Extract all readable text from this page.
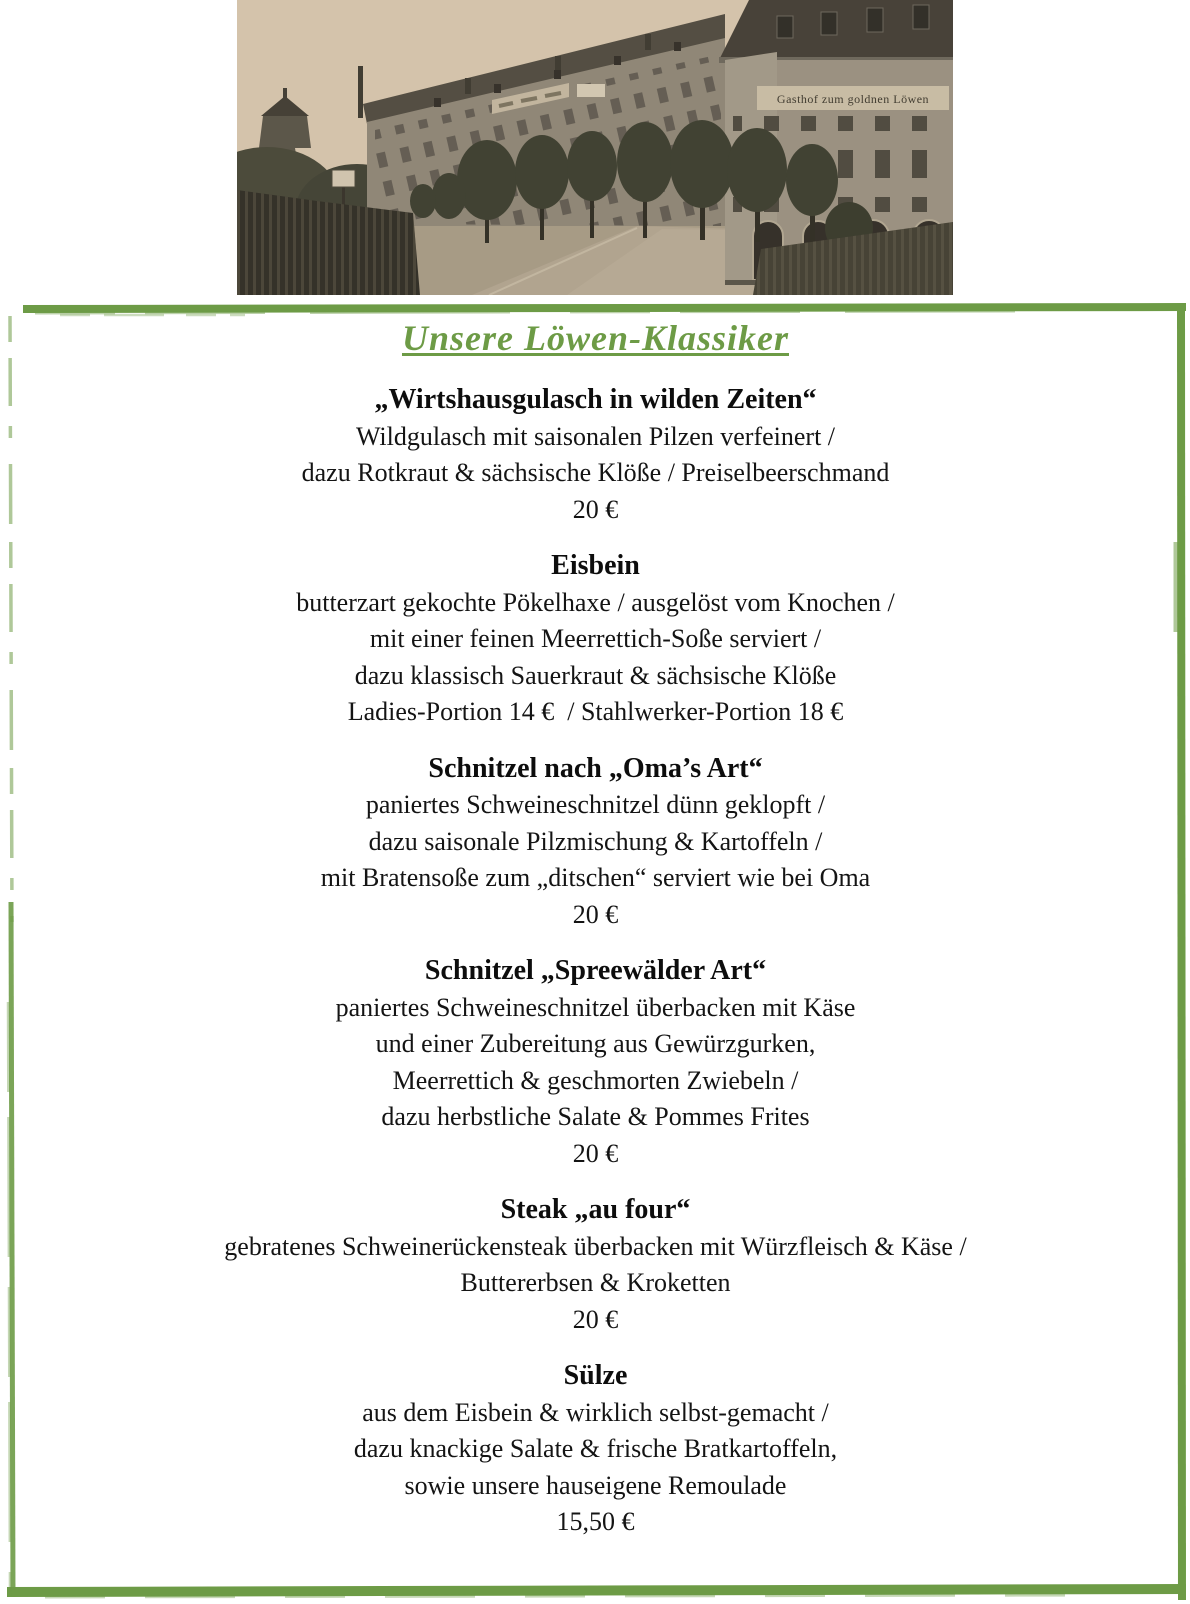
Gasthof zum goldnen Löwen
Unsere Löwen-Klassiker
„Wirtshausgulasch in wilden Zeiten“
Wildgulasch mit saisonalen Pilzen verfeinert /
dazu Rotkraut & sächsische Klöße / Preiselbeerschmand
20 €
Eisbein
butterzart gekochte Pökelhaxe / ausgelöst vom Knochen /
mit einer feinen Meerrettich-Soße serviert /
dazu klassisch Sauerkraut & sächsische Klöße
Ladies-Portion 14 €  / Stahlwerker-Portion 18 €
Schnitzel nach „Oma’s Art“
paniertes Schweineschnitzel dünn geklopft /
dazu saisonale Pilzmischung & Kartoffeln /
mit Bratensoße zum „ditschen“ serviert wie bei Oma
20 €
Schnitzel „Spreewälder Art“
paniertes Schweineschnitzel überbacken mit Käse
und einer Zubereitung aus Gewürzgurken,
Meerrettich & geschmorten Zwiebeln /
dazu herbstliche Salate & Pommes Frites
20 €
Steak „au four“
gebratenes Schweinerückensteak überbacken mit Würzfleisch & Käse /
Buttererbsen & Kroketten
20 €
Sülze
aus dem Eisbein & wirklich selbst-gemacht /
dazu knackige Salate & frische Bratkartoffeln,
sowie unsere hauseigene Remoulade
15,50 €
